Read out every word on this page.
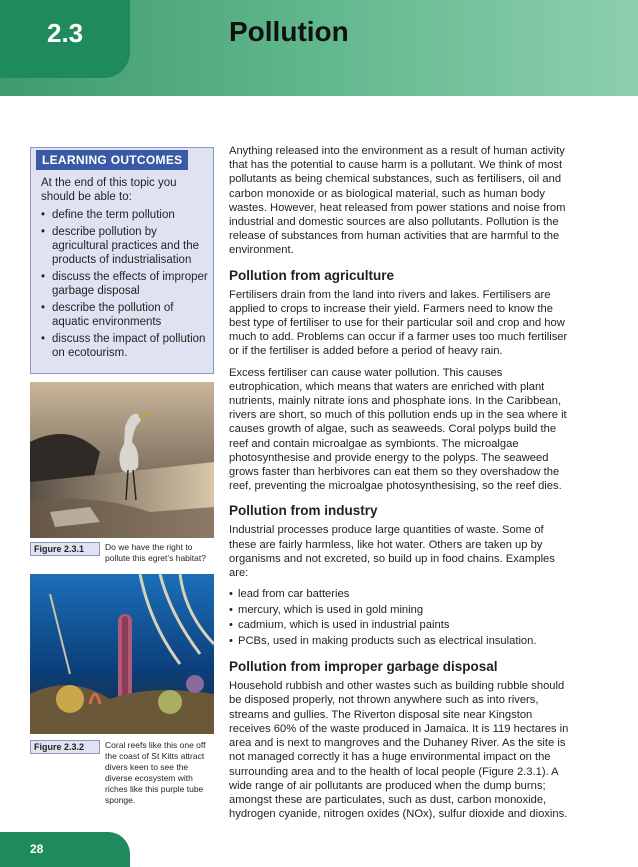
2.3	Pollution
LEARNING OUTCOMES
At the end of this topic you should be able to:
• define the term pollution
• describe pollution by agricultural practices and the products of industrialisation
• discuss the effects of improper garbage disposal
• describe the pollution of aquatic environments
• discuss the impact of pollution on ecotourism.
Figure 2.3.1	Do we have the right to pollute this egret’s habitat?
Figure 2.3.2	Coral reefs like this one off the coast of St Kitts attract divers keen to see the diverse ecosystem with riches like this purple tube sponge.

Anything released into the environment as a result of human activity that has the potential to cause harm is a pollutant. We think of most pollutants as being chemical substances, such as fertilisers, oil and carbon monoxide or as biological material, such as human body wastes. However, heat released from power stations and noise from industrial and domestic sources are also pollutants. Pollution is the release of substances from human activities that are harmful to the environment.

Pollution from agriculture

Fertilisers drain from the land into rivers and lakes. Fertilisers are applied to crops to increase their yield. Farmers need to know the best type of fertiliser to use for their particular soil and crop and how much to add. Problems can occur if a farmer uses too much fertiliser or if the fertiliser is added before a period of heavy rain.

Excess fertiliser can cause water pollution. This causes eutrophication, which means that waters are enriched with plant nutrients, mainly nitrate ions and phosphate ions. In the Caribbean, rivers are short, so much of this pollution ends up in the sea where it causes growth of algae, such as seaweeds. Coral polyps build the reef and contain microalgae as symbionts. The microalgae photosynthesise and provide energy to the polyps. The seaweed grows faster than herbivores can eat them so they overshadow the reef, preventing the microalgae photosynthesising, so the reef dies.

Pollution from industry

Industrial processes produce large quantities of waste. Some of these are fairly harmless, like hot water. Others are taken up by organisms and not excreted, so build up in food chains. Examples are:

• lead from car batteries
• mercury, which is used in gold mining
• cadmium, which is used in industrial paints
• PCBs, used in making products such as electrical insulation.
Pollution from improper garbage disposal

Household rubbish and other wastes such as building rubble should be disposed properly, not thrown anywhere such as into rivers, streams and gullies. The Riverton disposal site near Kingston receives 60% of the waste produced in Jamaica. It is 119 hectares in area and is next to mangroves and the Duhaney River. As the site is not managed correctly it has a huge environmental impact on the surrounding area and to the health of local people (Figure 2.3.1). A wide range of air pollutants are produced when the dump burns; amongst these are particulates, such as dust, carbon monoxide, hydrogen cyanide, nitrogen oxides (NOx), sulfur dioxide and dioxins.

28
